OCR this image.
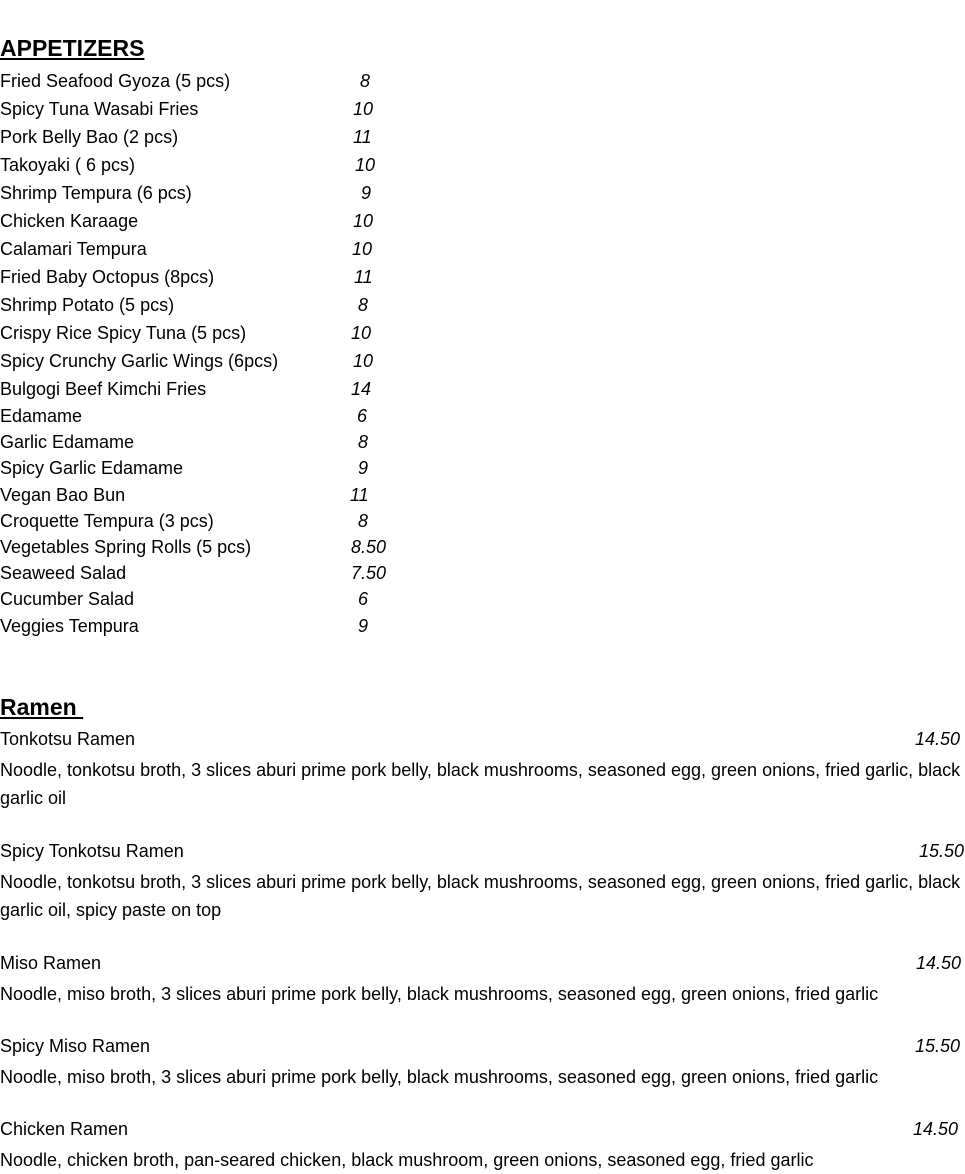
APPETIZERS
Fried Seafood Gyoza (5 pcs)	8
Spicy Tuna Wasabi Fries	10
Pork Belly Bao (2 pcs)	11
Takoyaki ( 6 pcs)	10
Shrimp Tempura (6 pcs)	9
Chicken Karaage	10
Calamari Tempura	10
Fried Baby Octopus (8pcs)	11
Shrimp Potato (5 pcs)	8
Crispy Rice Spicy Tuna (5 pcs)	10
Spicy Crunchy Garlic Wings (6pcs)	10
Bulgogi Beef Kimchi Fries	14
Edamame	6
Garlic Edamame	8
Spicy Garlic Edamame	9
Vegan Bao Bun	11
Croquette Tempura (3 pcs)	8
Vegetables Spring Rolls (5 pcs)	8.50
Seaweed Salad	7.50
Cucumber Salad	6
Veggies Tempura	9
Ramen
Tonkotsu Ramen	14.50
Noodle, tonkotsu broth, 3 slices aburi prime pork belly, black mushrooms, seasoned egg, green onions, fried garlic, black garlic oil
Spicy Tonkotsu Ramen	15.50
Noodle, tonkotsu broth, 3 slices aburi prime pork belly, black mushrooms, seasoned egg, green onions, fried garlic, black garlic oil, spicy paste on top
Miso Ramen	14.50
Noodle, miso broth, 3 slices aburi prime pork belly, black mushrooms, seasoned egg, green onions, fried garlic
Spicy Miso Ramen	15.50
Noodle, miso broth, 3 slices aburi prime pork belly, black mushrooms, seasoned egg, green onions, fried garlic
Chicken Ramen	14.50
Noodle, chicken broth, pan-seared chicken, black mushroom, green onions, seasoned egg, fried garlic
